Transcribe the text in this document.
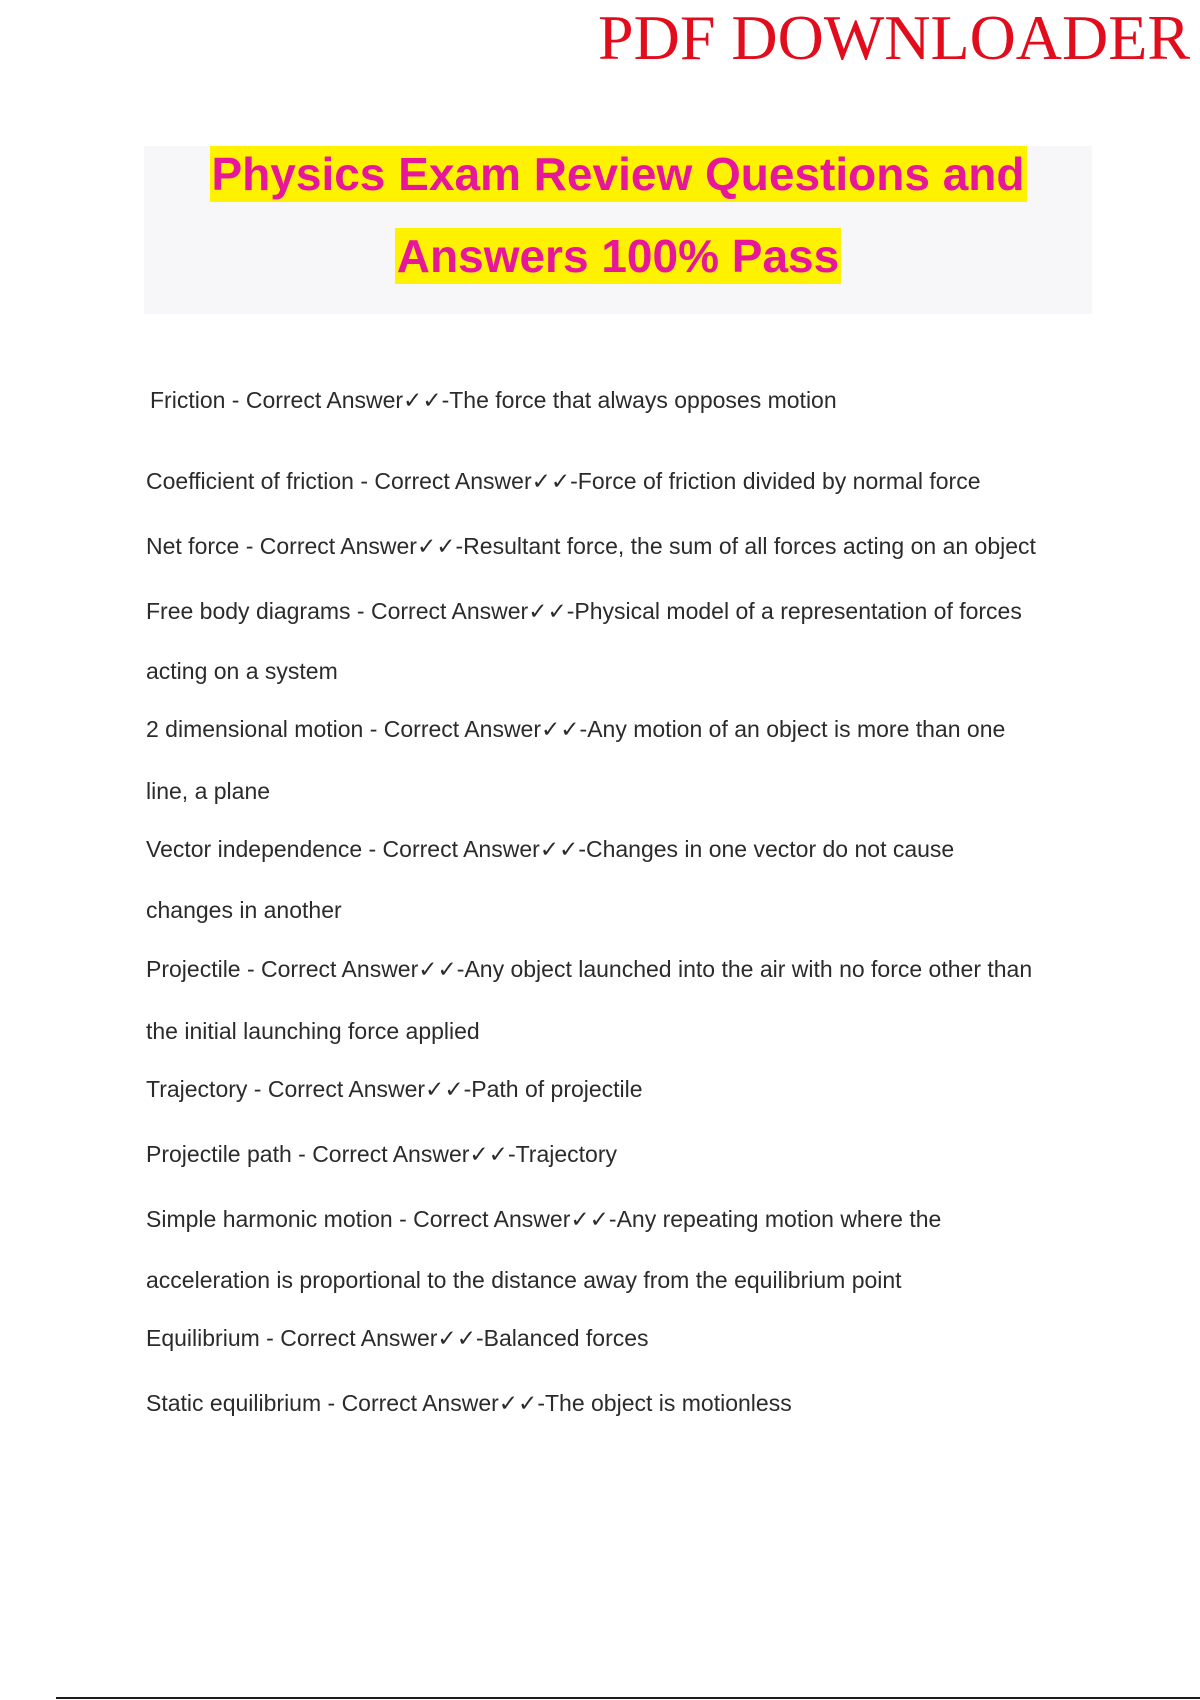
PDF DOWNLOADER
Physics Exam Review Questions and
Answers 100% Pass
Friction - Correct Answer✓✓-The force that always opposes motion
Coefficient of friction - Correct Answer✓✓-Force of friction divided by normal force
Net force - Correct Answer✓✓-Resultant force, the sum of all forces acting on an object
Free body diagrams - Correct Answer✓✓-Physical model of a representation of forces
acting on a system
2 dimensional motion - Correct Answer✓✓-Any motion of an object is more than one
line, a plane
Vector independence - Correct Answer✓✓-Changes in one vector do not cause
changes in another
Projectile - Correct Answer✓✓-Any object launched into the air with no force other than
the initial launching force applied
Trajectory - Correct Answer✓✓-Path of projectile
Projectile path - Correct Answer✓✓-Trajectory
Simple harmonic motion - Correct Answer✓✓-Any repeating motion where the
acceleration is proportional to the distance away from the equilibrium point
Equilibrium - Correct Answer✓✓-Balanced forces
Static equilibrium - Correct Answer✓✓-The object is motionless
